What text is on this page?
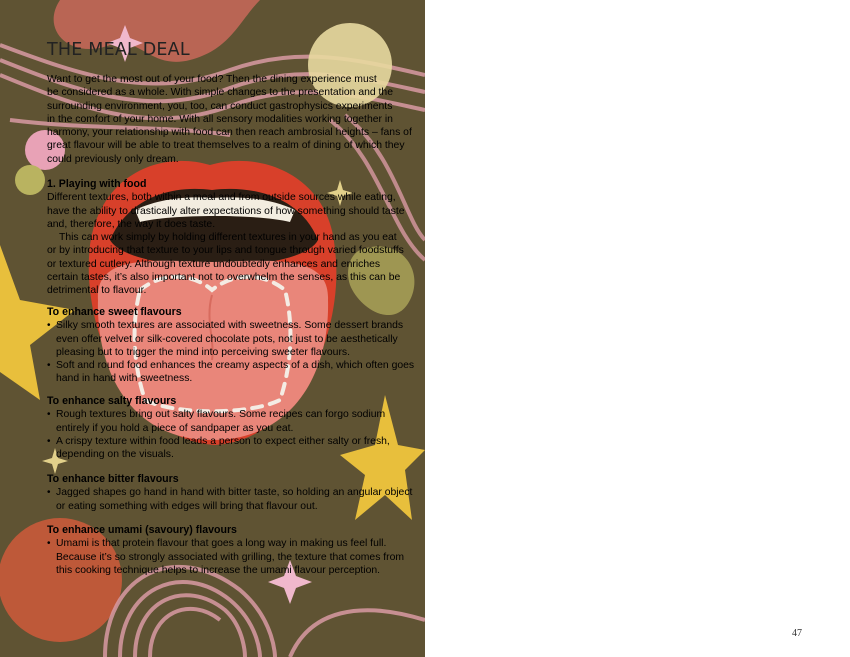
THE MEAL DEAL
Want to get the most out of your food? Then the dining experience must
be considered as a whole. With simple changes to the presentation and the
surrounding environment, you, too, can conduct gastrophysics experiments
in the comfort of your home. With all sensory modalities working together in
harmony, your relationship with food can then reach ambrosial heights – fans of
great flavour will be able to treat themselves to a realm of dining of which they
could previously only dream.
1. Playing with food
Different textures, both within a meal and from outside sources while eating,
have the ability to drastically alter expectations of how something should taste
and, therefore, the way it does taste.
This can work simply by holding different textures in your hand as you eat
or by introducing that texture to your lips and tongue through varied foodstuffs
or textured cutlery. Although texture undoubtedly enhances and enriches
certain tastes, it’s also important not to overwhelm the senses, as this can be
detrimental to flavour.
To enhance sweet flavours
• Silky smooth textures are associated with sweetness. Some dessert brands
even offer velvet or silk-covered chocolate pots, not just to be aesthetically
pleasing but to trigger the mind into perceiving sweeter flavours.
• Soft and round food enhances the creamy aspects of a dish, which often goes
hand in hand with sweetness.
To enhance salty flavours
• Rough textures bring out salty flavours. Some recipes can forgo sodium
entirely if you hold a piece of sandpaper as you eat.
• A crispy texture within food leads a person to expect either salty or fresh,
depending on the visuals.
To enhance bitter flavours
• Jagged shapes go hand in hand with bitter taste, so holding an angular object
or eating something with edges will bring that flavour out.
To enhance umami (savoury) flavours
• Umami is that protein flavour that goes a long way in making us feel full.
Because it’s so strongly associated with grilling, the texture that comes from
this cooking technique helps to increase the umami flavour perception.
47
